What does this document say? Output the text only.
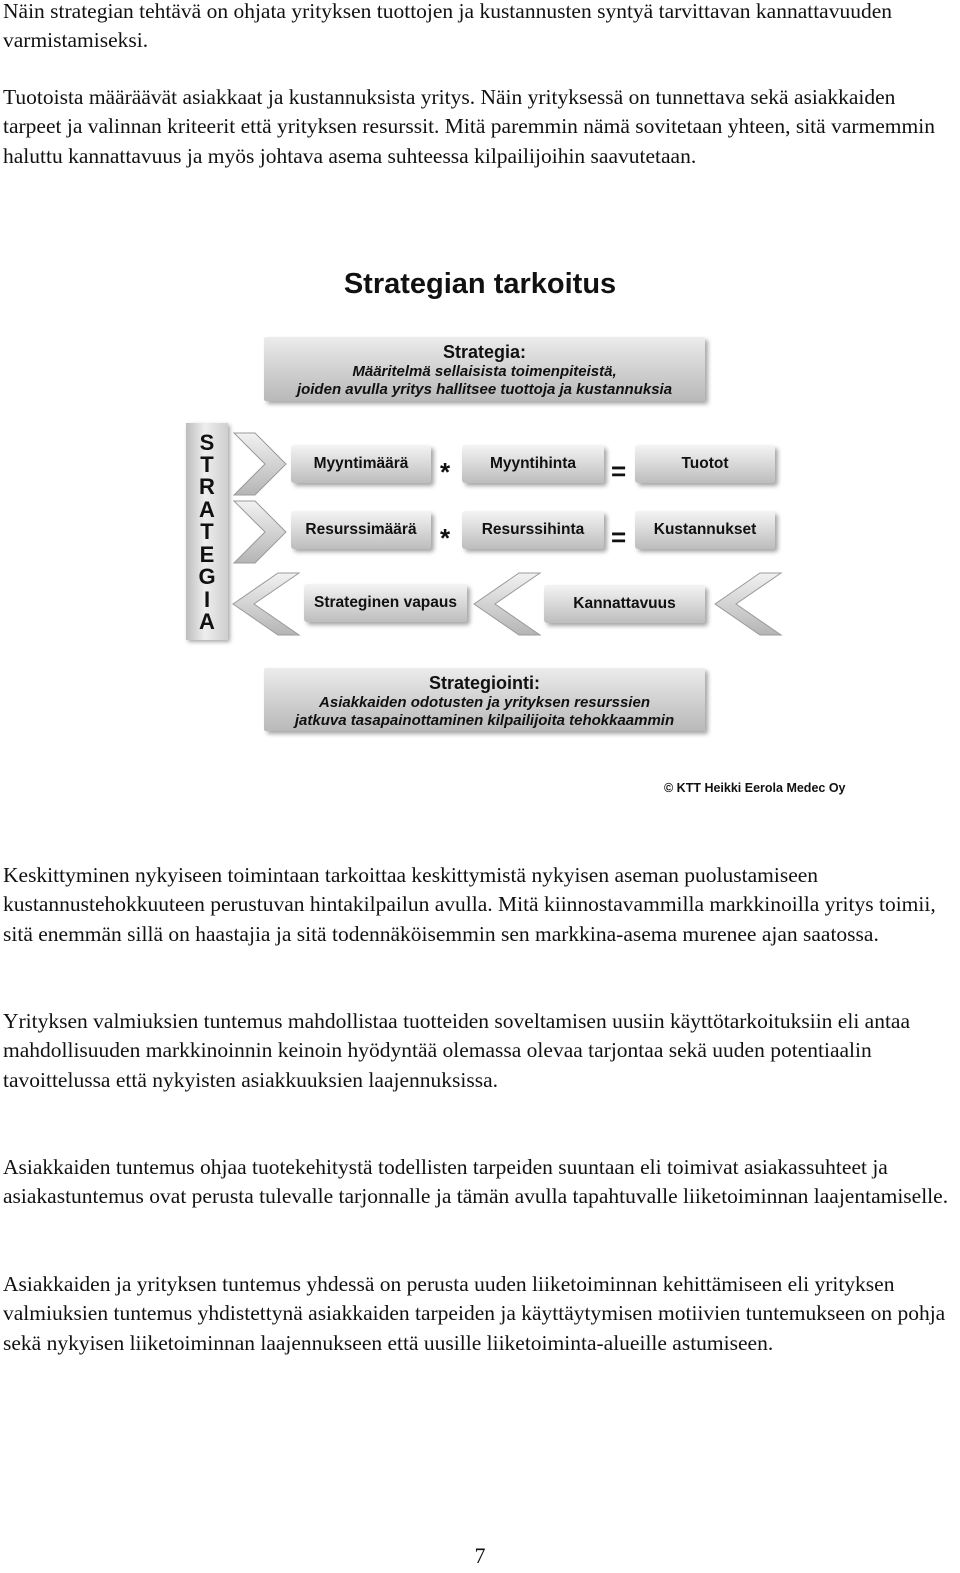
Näin strategian tehtävä on ohjata yrityksen tuottojen ja kustannusten syntyä tarvittavan kannattavuuden varmistamiseksi.

Tuotoista määräävät asiakkaat ja kustannuksista yritys. Näin yrityksessä on tunnettava sekä asiakkaiden tarpeet ja valinnan kriteerit että yrityksen resurssit. Mitä paremmin nämä sovitetaan yhteen, sitä varmemmin haluttu kannattavuus ja myös johtava asema suhteessa kilpailijoihin saavutetaan.

Strategian tarkoitus
Strategia:
Määritelmä sellaisista toimenpiteistä,
joiden avulla yritys hallitsee tuottoja ja kustannuksia
S
T
R
A
T
E
G
I
A
Myyntimäärä	*	Myyntihinta	=	Tuotot
Resurssimäärä *	Resurssihinta	=	Kustannukset
Strateginen vapaus	Kannattavuus
Strategiointi:
Asiakkaiden odotusten ja yrityksen resurssien
jatkuva tasapainottaminen kilpailijoita tehokkaammin
© KTT Heikki Eerola Medec Oy

Keskittyminen nykyiseen toimintaan tarkoittaa keskittymistä nykyisen aseman puolustamiseen kustannustehokkuuteen perustuvan hintakilpailun avulla. Mitä kiinnostavammilla markkinoilla yritys toimii, sitä enemmän sillä on haastajia ja sitä todennäköisemmin sen markkina-asema murenee ajan saatossa.

Yrityksen valmiuksien tuntemus mahdollistaa tuotteiden soveltamisen uusiin käyttötarkoituksiin eli antaa mahdollisuuden markkinoinnin keinoin hyödyntää olemassa olevaa tarjontaa sekä uuden potentiaalin tavoittelussa että nykyisten asiakkuuksien laajennuksissa.

Asiakkaiden tuntemus ohjaa tuotekehitystä todellisten tarpeiden suuntaan eli toimivat asiakassuhteet ja asiakastuntemus ovat perusta tulevalle tarjonnalle ja tämän avulla tapahtuvalle liiketoiminnan laajentamiselle.

Asiakkaiden ja yrityksen tuntemus yhdessä on perusta uuden liiketoiminnan kehittämiseen eli yrityksen valmiuksien tuntemus yhdistettynä asiakkaiden tarpeiden ja käyttäytymisen motiivien tuntemukseen on pohja sekä nykyisen liiketoiminnan laajennukseen että uusille liiketoiminta-alueille astumiseen.

7
